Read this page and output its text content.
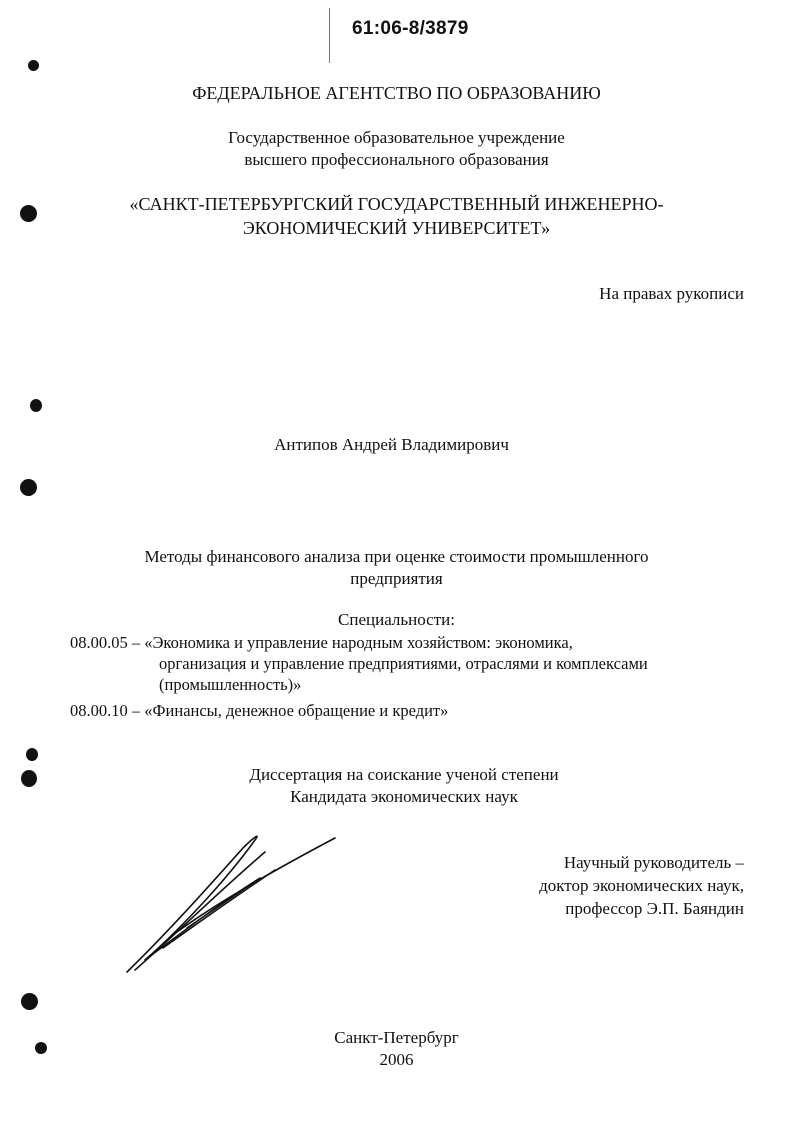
61:06-8/3879
ФЕДЕРАЛЬНОЕ АГЕНТСТВО ПО ОБРАЗОВАНИЮ
Государственное образовательное учреждение
высшего профессионального образования
«САНКТ-ПЕТЕРБУРГСКИЙ ГОСУДАРСТВЕННЫЙ ИНЖЕНЕРНО-
ЭКОНОМИЧЕСКИЙ УНИВЕРСИТЕТ»
На правах рукописи
Антипов Андрей Владимирович
Методы финансового анализа при оценке стоимости промышленного
предприятия
Специальности:
08.00.05 – «Экономика и управление народным хозяйством: экономика,
организация и управление предприятиями, отраслями и комплексами
(промышленность)»
08.00.10 – «Финансы, денежное обращение и кредит»
Диссертация на соискание ученой степени
Кандидата экономических наук
Научный руководитель –
доктор экономических наук,
профессор Э.П. Баяндин
Санкт-Петербург
2006
